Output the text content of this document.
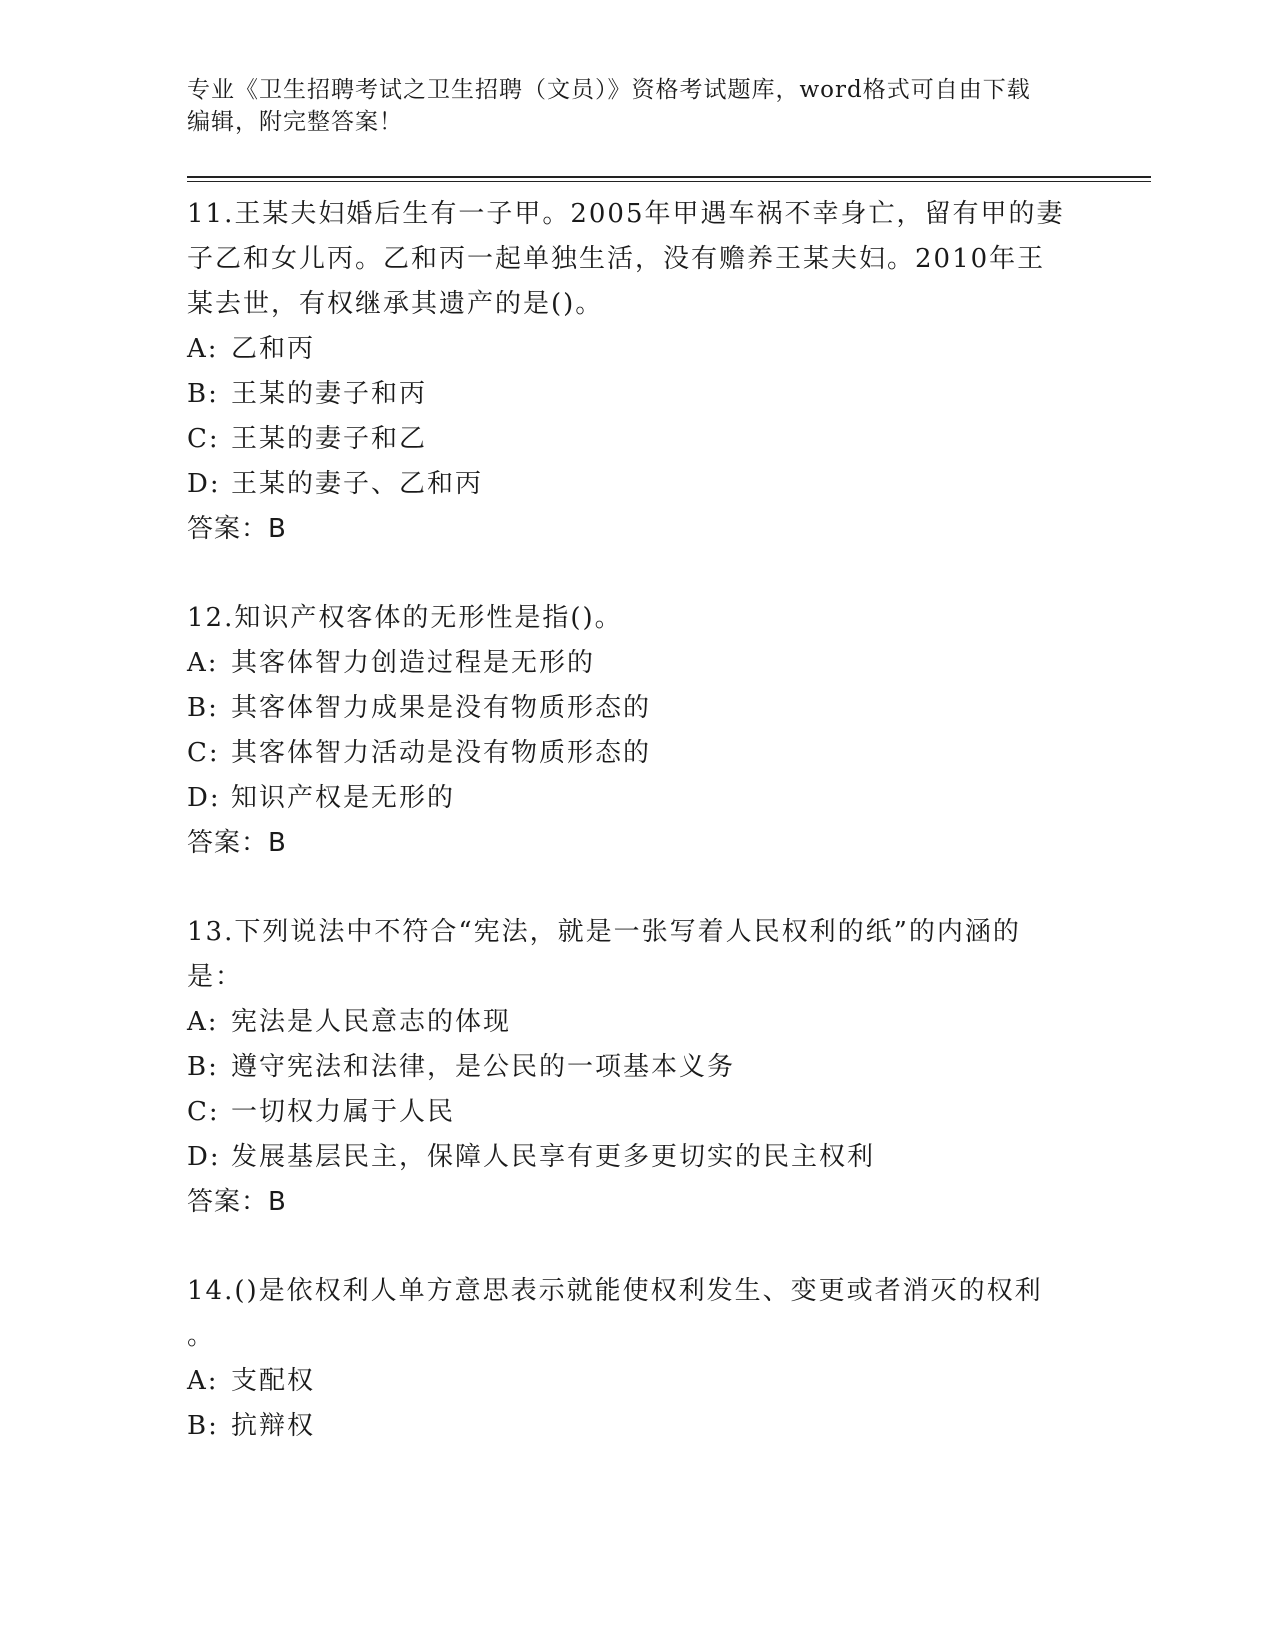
专业《卫生招聘考试之卫生招聘（文员）》资格考试题库，word格式可自由下载
编辑，附完整答案！
11.王某夫妇婚后生有一子甲。2005年甲遇车祸不幸身亡，留有甲的妻
子乙和女儿丙。乙和丙一起单独生活，没有赡养王某夫妇。2010年王
某去世，有权继承其遗产的是()。
A: 乙和丙
B: 王某的妻子和丙
C: 王某的妻子和乙
D: 王某的妻子、乙和丙
答案：B
12.知识产权客体的无形性是指()。
A: 其客体智力创造过程是无形的
B: 其客体智力成果是没有物质形态的
C: 其客体智力活动是没有物质形态的
D: 知识产权是无形的
答案：B
13.下列说法中不符合“宪法，就是一张写着人民权利的纸”的内涵的
是：
A: 宪法是人民意志的体现
B: 遵守宪法和法律，是公民的一项基本义务
C: 一切权力属于人民
D: 发展基层民主，保障人民享有更多更切实的民主权利
答案：B
14.()是依权利人单方意思表示就能使权利发生、变更或者消灭的权利
。
A: 支配权
B: 抗辩权
